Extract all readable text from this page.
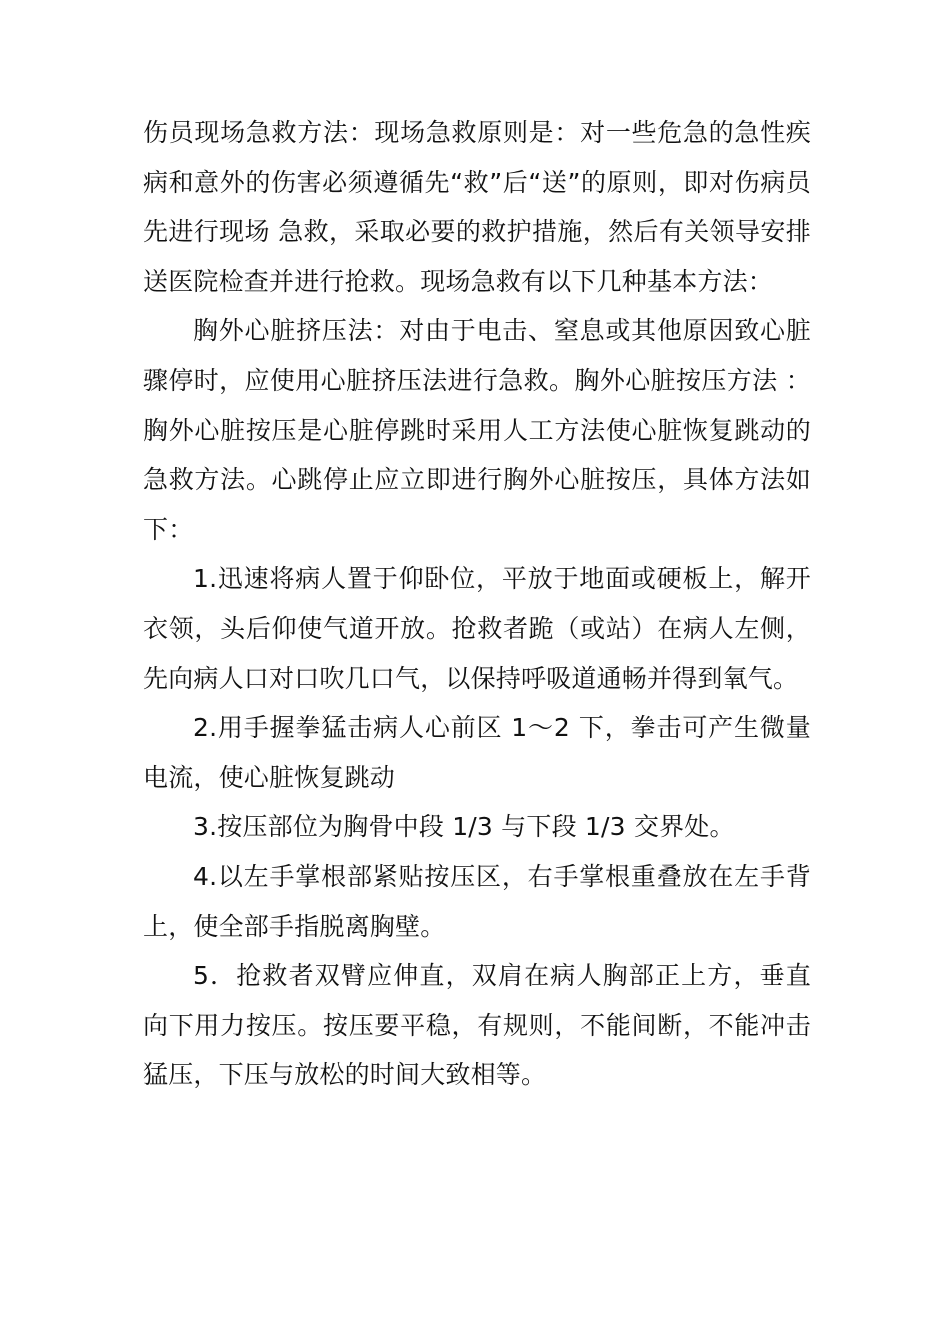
伤员现场急救方法：现场急救原则是：对一些危急的急性疾病和意外的伤害必须遵循先“救”后“送”的原则，即对伤病员先进行现场 急救，采取必要的救护措施，然后有关领导安排送医院检查并进行抢救。现场急救有以下几种基本方法：

胸外心脏挤压法：对由于电击、窒息或其他原因致心脏骤停时，应使用心脏挤压法进行急救。胸外心脏按压方法 ：胸外心脏按压是心脏停跳时采用人工方法使心脏恢复跳动的急救方法。心跳停止应立即进行胸外心脏按压，具体方法如下：

1.迅速将病人置于仰卧位，平放于地面或硬板上，解开衣领，头后仰使气道开放。抢救者跪（或站）在病人左侧，先向病人口对口吹几口气，以保持呼吸道通畅并得到氧气。

2.用手握拳猛击病人心前区 1～2 下，拳击可产生微量电流，使心脏恢复跳动

3.按压部位为胸骨中段 1/3 与下段 1/3 交界处。

4.以左手掌根部紧贴按压区，右手掌根重叠放在左手背上，使全部手指脱离胸壁。

5．抢救者双臂应伸直，双肩在病人胸部正上方，垂直向下用力按压。按压要平稳，有规则，不能间断，不能冲击猛压，下压与放松的时间大致相等。
